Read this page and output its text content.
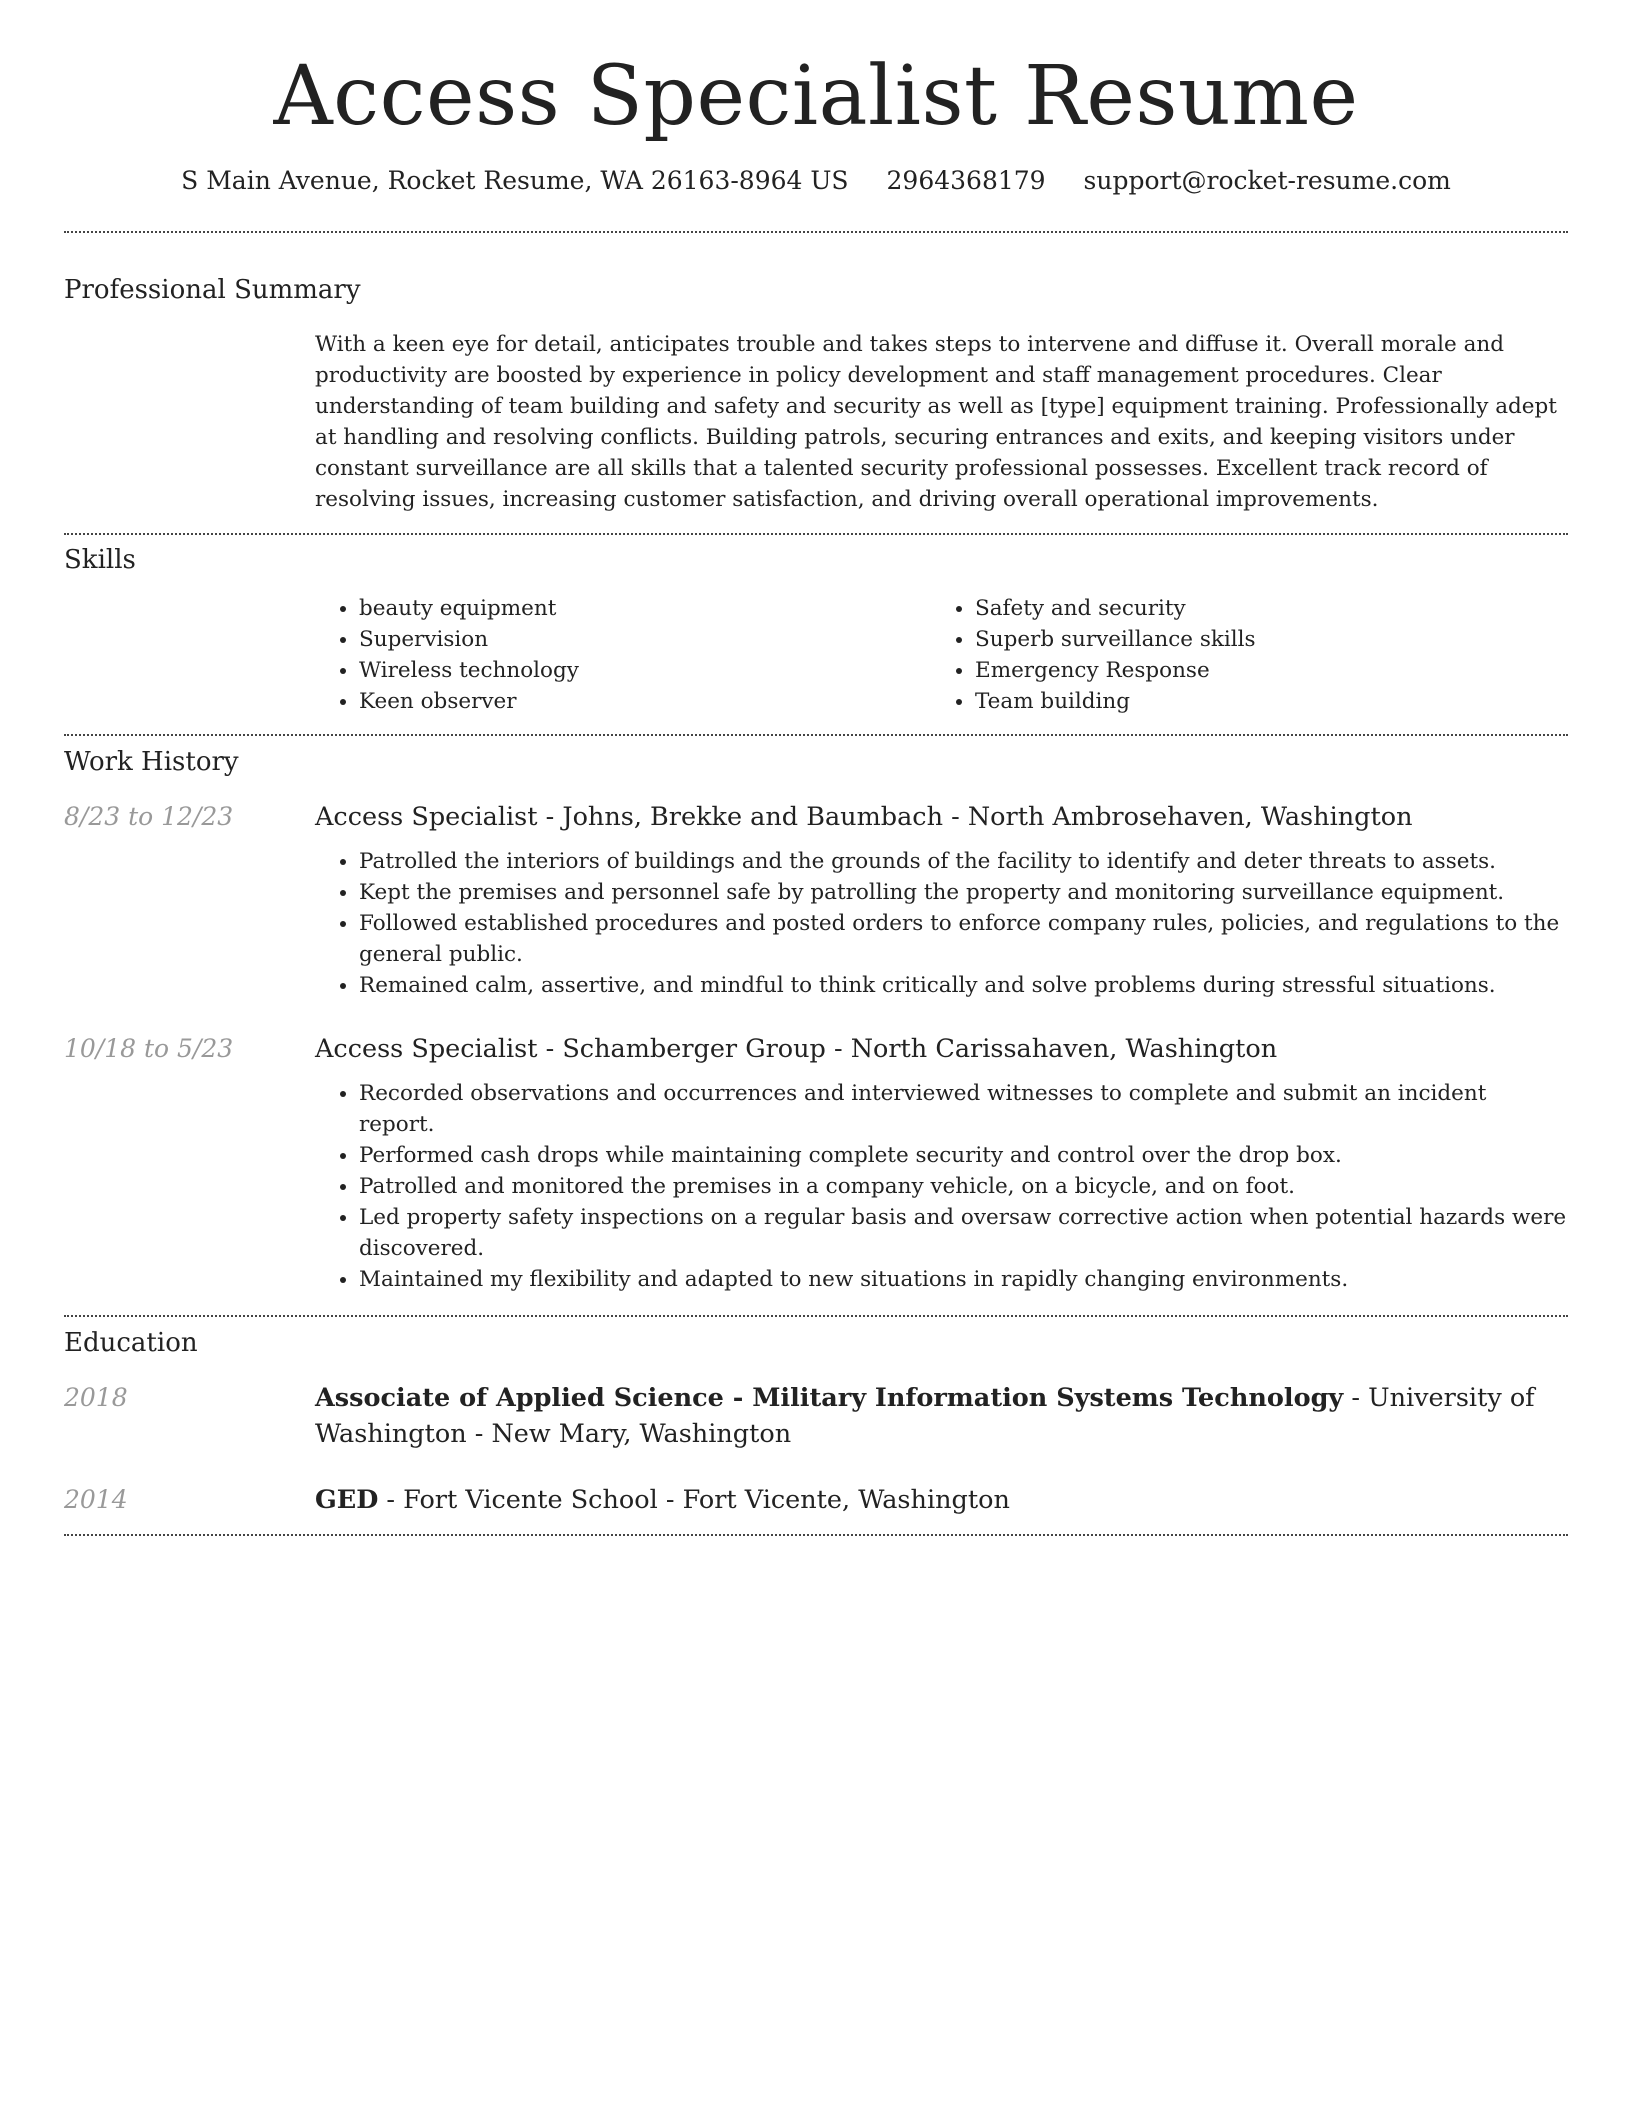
Access Specialist Resume
S Main Avenue, Rocket Resume, WA 26163-8964 US 2964368179 support@rocket-resume.com
Professional Summary

With a keen eye for detail, anticipates trouble and takes steps to intervene and diffuse it. Overall morale and productivity are boosted by experience in policy development and staff management procedures. Clear understanding of team building and safety and security as well as [type] equipment training. Professionally adept at handling and resolving conflicts. Building patrols, securing entrances and exits, and keeping visitors under constant surveillance are all skills that a talented security professional possesses. Excellent track record of resolving issues, increasing customer satisfaction, and driving overall operational improvements.

Skills
• beauty equipment
• Supervision
• Wireless technology
• Keen observer
• Safety and security
• Superb surveillance skills
• Emergency Response
• Team building
Work History
8/23 to 12/23	Access Specialist - Johns, Brekke and Baumbach - North Ambrosehaven, Washington

• Patrolled the interiors of buildings and the grounds of the facility to identify and deter threats to assets.
• Kept the premises and personnel safe by patrolling the property and monitoring surveillance equipment.
• Followed established procedures and posted orders to enforce company rules, policies, and regulations to the general public.
• Remained calm, assertive, and mindful to think critically and solve problems during stressful situations.
10/18 to 5/23	Access Specialist - Schamberger Group - North Carissahaven, Washington

• Recorded observations and occurrences and interviewed witnesses to complete and submit an incident report.
• Performed cash drops while maintaining complete security and control over the drop box.
• Patrolled and monitored the premises in a company vehicle, on a bicycle, and on foot.
• Led property safety inspections on a regular basis and oversaw corrective action when potential hazards were discovered.
• Maintained my flexibility and adapted to new situations in rapidly changing environments.
Education
2018	Associate of Applied Science - Military Information Systems Technology - University of Washington - New Mary, Washington

2014	GED - Fort Vicente School - Fort Vicente, Washington
